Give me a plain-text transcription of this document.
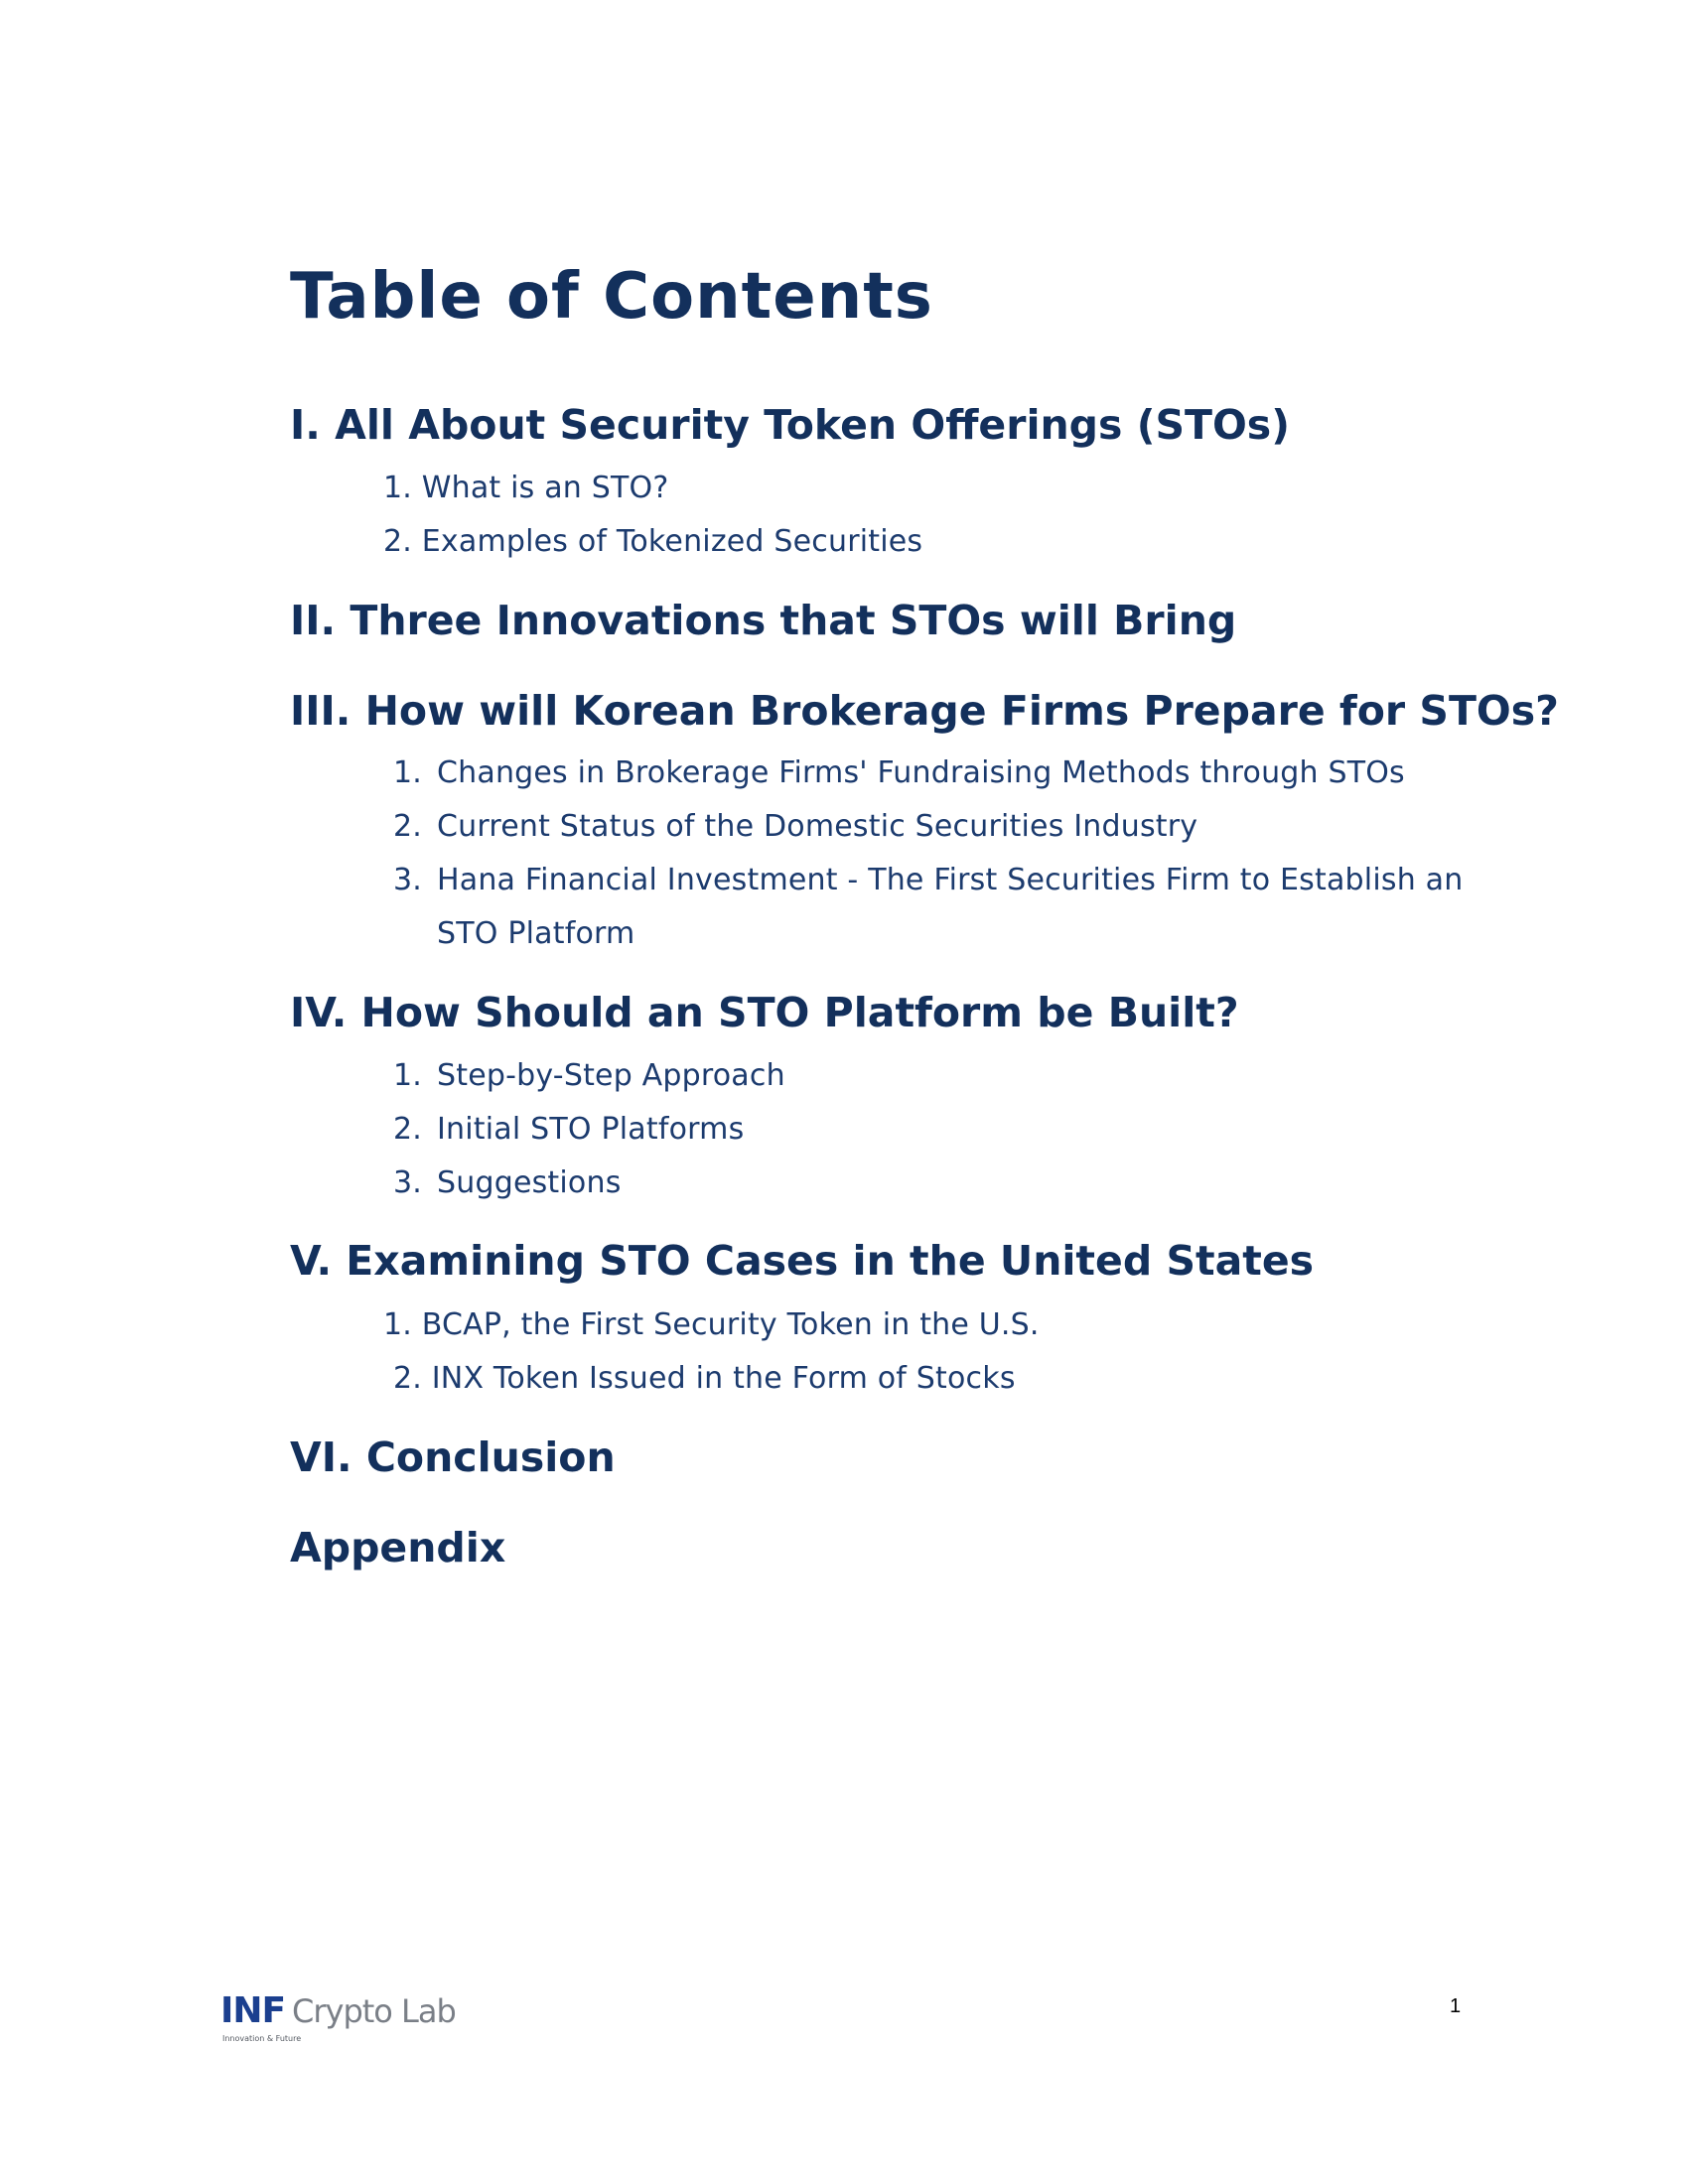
Table of Contents
I. All About Security Token Offerings (STOs)
1. What is an STO?
2. Examples of Tokenized Securities
II. Three Innovations that STOs will Bring
III. How will Korean Brokerage Firms Prepare for STOs?
1. Changes in Brokerage Firms' Fundraising Methods through STOs
2. Current Status of the Domestic Securities Industry
3. Hana Financial Investment - The First Securities Firm to Establish an
STO Platform
IV. How Should an STO Platform be Built?
1. Step-by-Step Approach
2. Initial STO Platforms
3. Suggestions
V. Examining STO Cases in the United States
1. BCAP, the First Security Token in the U.S.
2. INX Token Issued in the Form of Stocks
VI. Conclusion
Appendix
INF Crypto Lab
Innovation & Future
1
